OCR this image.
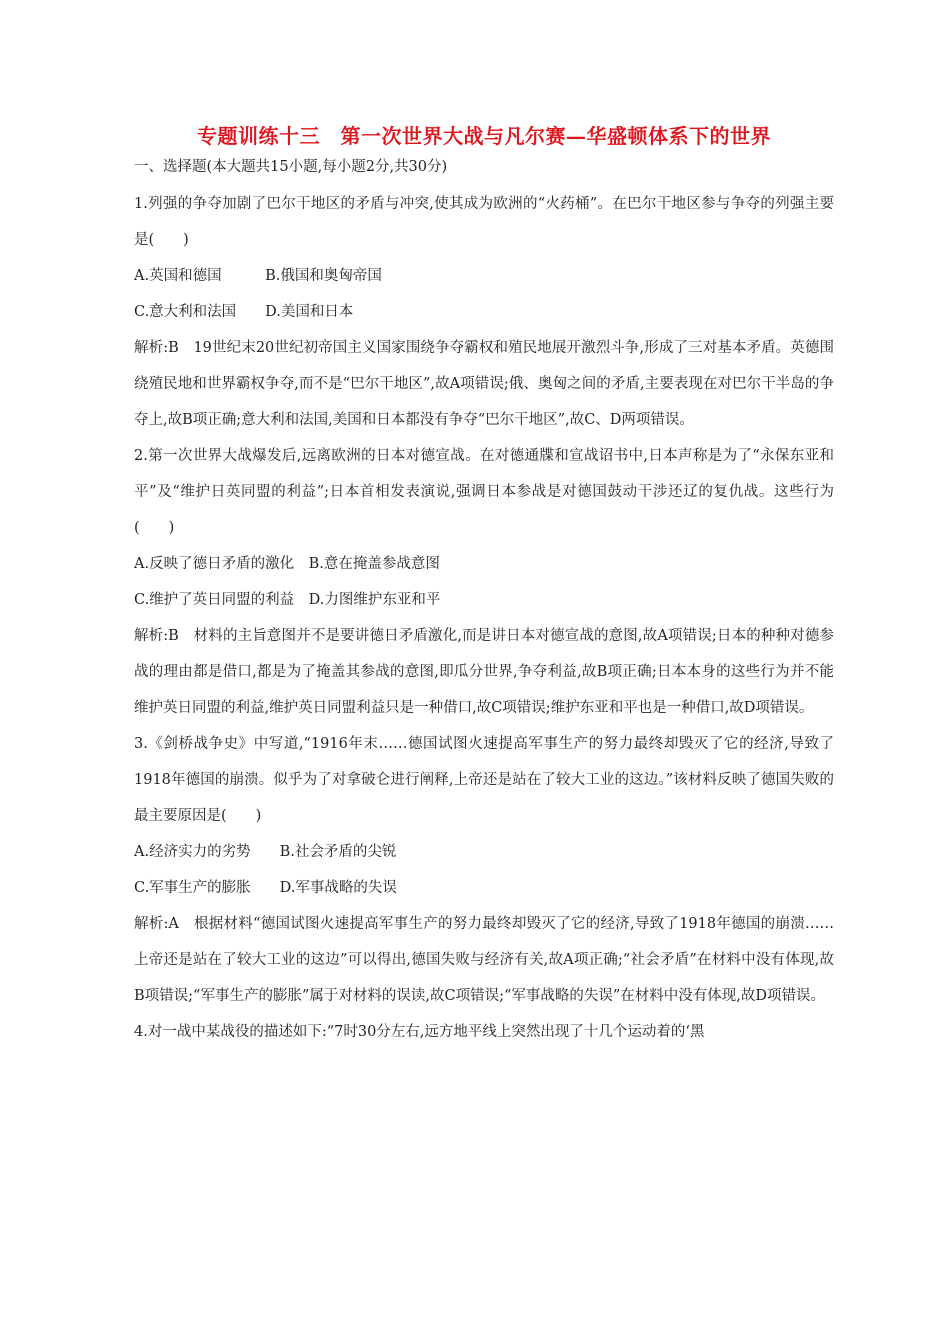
专题训练十三　第一次世界大战与凡尔赛—华盛顿体系下的世界
一、选择题(本大题共15小题,每小题2分,共30分)

1.列强的争夺加剧了巴尔干地区的矛盾与冲突,使其成为欧洲的“火药桶”。在巴尔干地区参与争夺的列强主要是(　　)

A.英国和德国　　　B.俄国和奥匈帝国

C.意大利和法国　　D.美国和日本

解析:B　19世纪末20世纪初帝国主义国家围绕争夺霸权和殖民地展开激烈斗争,形成了三对基本矛盾。英德围绕殖民地和世界霸权争夺,而不是“巴尔干地区”,故A项错误;俄、奥匈之间的矛盾,主要表现在对巴尔干半岛的争夺上,故B项正确;意大利和法国,美国和日本都没有争夺“巴尔干地区”,故C、D两项错误。

2.第一次世界大战爆发后,远离欧洲的日本对德宣战。在对德通牒和宣战诏书中,日本声称是为了“永保东亚和平”及“维护日英同盟的利益”;日本首相发表演说,强调日本参战是对德国鼓动干涉还辽的复仇战。这些行为(　　)

A.反映了德日矛盾的激化　B.意在掩盖参战意图

C.维护了英日同盟的利益　D.力图维护东亚和平

解析:B　材料的主旨意图并不是要讲德日矛盾激化,而是讲日本对德宣战的意图,故A项错误;日本的种种对德参战的理由都是借口,都是为了掩盖其参战的意图,即瓜分世界,争夺利益,故B项正确;日本本身的这些行为并不能维护英日同盟的利益,维护英日同盟利益只是一种借口,故C项错误;维护东亚和平也是一种借口,故D项错误。

3.《剑桥战争史》中写道,“1916年末……德国试图火速提高军事生产的努力最终却毁灭了它的经济,导致了1918年德国的崩溃。似乎为了对拿破仑进行阐释,上帝还是站在了较大工业的这边。”该材料反映了德国失败的最主要原因是(　　)

A.经济实力的劣势　　B.社会矛盾的尖锐

C.军事生产的膨胀　　D.军事战略的失误

解析:A　根据材料“德国试图火速提高军事生产的努力最终却毁灭了它的经济,导致了1918年德国的崩溃……上帝还是站在了较大工业的这边”可以得出,德国失败与经济有关,故A项正确;“社会矛盾”在材料中没有体现,故B项错误;“军事生产的膨胀”属于对材料的误读,故C项错误;“军事战略的失误”在材料中没有体现,故D项错误。

4.对一战中某战役的描述如下:“7时30分左右,远方地平线上突然出现了十几个运动着的‘黑
